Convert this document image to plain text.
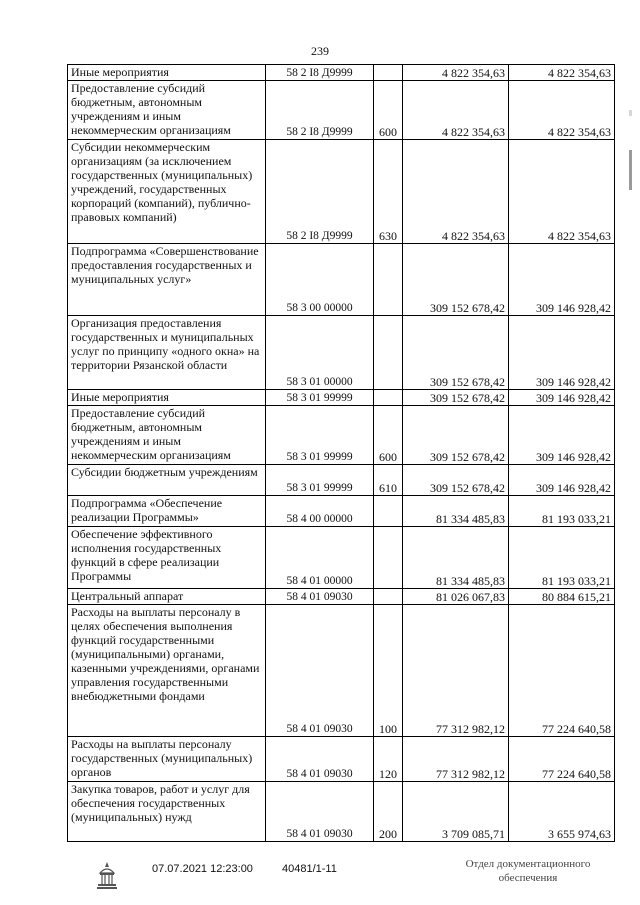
239
Иные мероприятия	58 2 I8 Д9999		4 822 354,63	4 822 354,63
Предоставление субсидий бюджетным, автономным учреждениям и иным некоммерческим организациям	58 2 I8 Д9999	600	4 822 354,63	4 822 354,63
Субсидии некоммерческим организациям (за исключением государственных (муниципальных) учреждений, государственных корпораций (компаний), публично-правовых компаний)	58 2 I8 Д9999	630	4 822 354,63	4 822 354,63
Подпрограмма «Совершенствование предоставления государственных и муниципальных услуг»	58 3 00 00000		309 152 678,42	309 146 928,42
Организация предоставления государственных и муниципальных услуг по принципу «одного окна» на территории Рязанской области	58 3 01 00000		309 152 678,42	309 146 928,42
Иные мероприятия	58 3 01 99999		309 152 678,42	309 146 928,42
Предоставление субсидий бюджетным, автономным учреждениям и иным некоммерческим организациям	58 3 01 99999	600	309 152 678,42	309 146 928,42
Субсидии бюджетным учреждениям	58 3 01 99999	610	309 152 678,42	309 146 928,42
Подпрограмма «Обеспечение реализации Программы»	58 4 00 00000		81 334 485,83	81 193 033,21
Обеспечение эффективного исполнения государственных функций в сфере реализации Программы	58 4 01 00000		81 334 485,83	81 193 033,21
Центральный аппарат	58 4 01 09030		81 026 067,83	80 884 615,21
Расходы на выплаты персоналу в целях обеспечения выполнения функций государственными (муниципальными) органами, казенными учреждениями, органами управления государственными внебюджетными фондами	58 4 01 09030	100	77 312 982,12	77 224 640,58
Расходы на выплаты персоналу государственных (муниципальных) органов	58 4 01 09030	120	77 312 982,12	77 224 640,58
Закупка товаров, работ и услуг для обеспечения государственных (муниципальных) нужд	58 4 01 09030	200	3 709 085,71	3 655 974,63
07.07.2021 12:23:00	40481/1-11	Отдел документационного
обеспечения
